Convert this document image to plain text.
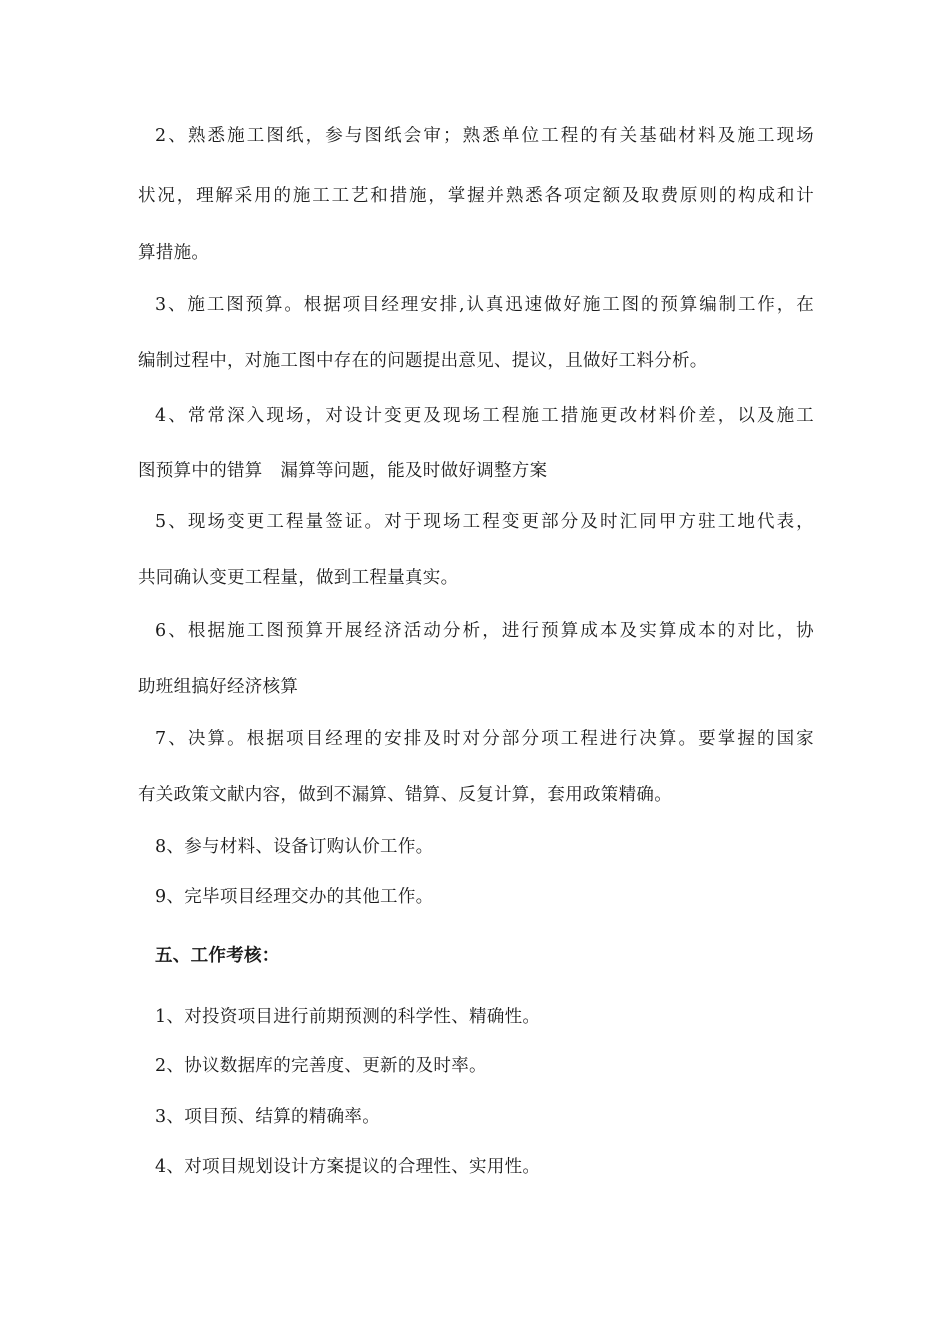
2、熟悉施工图纸，参与图纸会审；熟悉单位工程的有关基础材料及施工现场
状况，理解采用的施工工艺和措施，掌握并熟悉各项定额及取费原则的构成和计
算措施。
3、施工图预算。根据项目经理安排,认真迅速做好施工图的预算编制工作，在
编制过程中，对施工图中存在的问题提出意见、提议，且做好工料分析。
4、常常深入现场，对设计变更及现场工程施工措施更改材料价差，以及施工
图预算中的错算　漏算等问题，能及时做好调整方案
5、现场变更工程量签证。对于现场工程变更部分及时汇同甲方驻工地代表，
共同确认变更工程量，做到工程量真实。
6、根据施工图预算开展经济活动分析，进行预算成本及实算成本的对比，协
助班组搞好经济核算
7、决算。根据项目经理的安排及时对分部分项工程进行决算。要掌握的国家
有关政策文献内容，做到不漏算、错算、反复计算，套用政策精确。
8、参与材料、设备订购认价工作。
9、完毕项目经理交办的其他工作。
五、工作考核：
1、对投资项目进行前期预测的科学性、精确性。
2、协议数据库的完善度、更新的及时率。
3、项目预、结算的精确率。
4、对项目规划设计方案提议的合理性、实用性。
